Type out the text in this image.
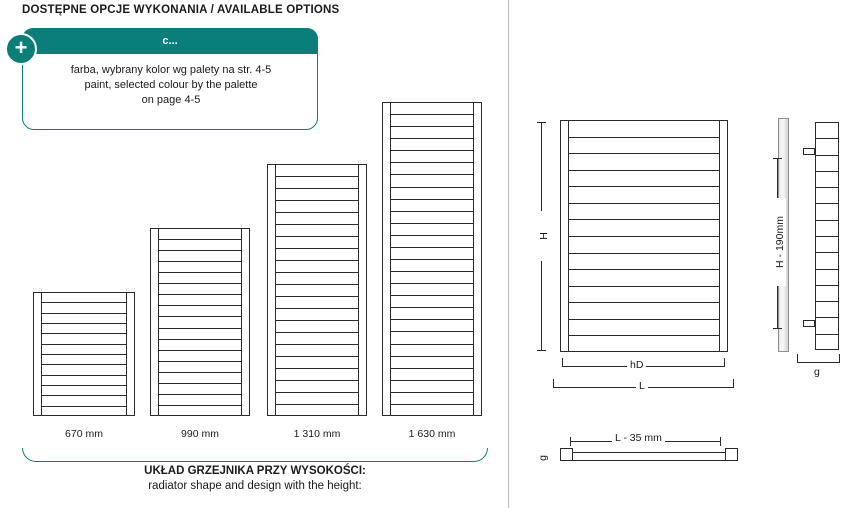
DOSTĘPNE OPCJE WYKONANIA / AVAILABLE OPTIONS
c...
farba, wybrany kolor wg palety na str. 4-5
paint, selected colour by the palette
on page 4-5
+
670 mm	990 mm	1 310 mm	1 630 mm
UKŁAD GRZEJNIKA PRZY WYSOKOŚCI:
radiator shape and design with the height:
H
hD
L
H - 190mm
g
L - 35 mm
g
